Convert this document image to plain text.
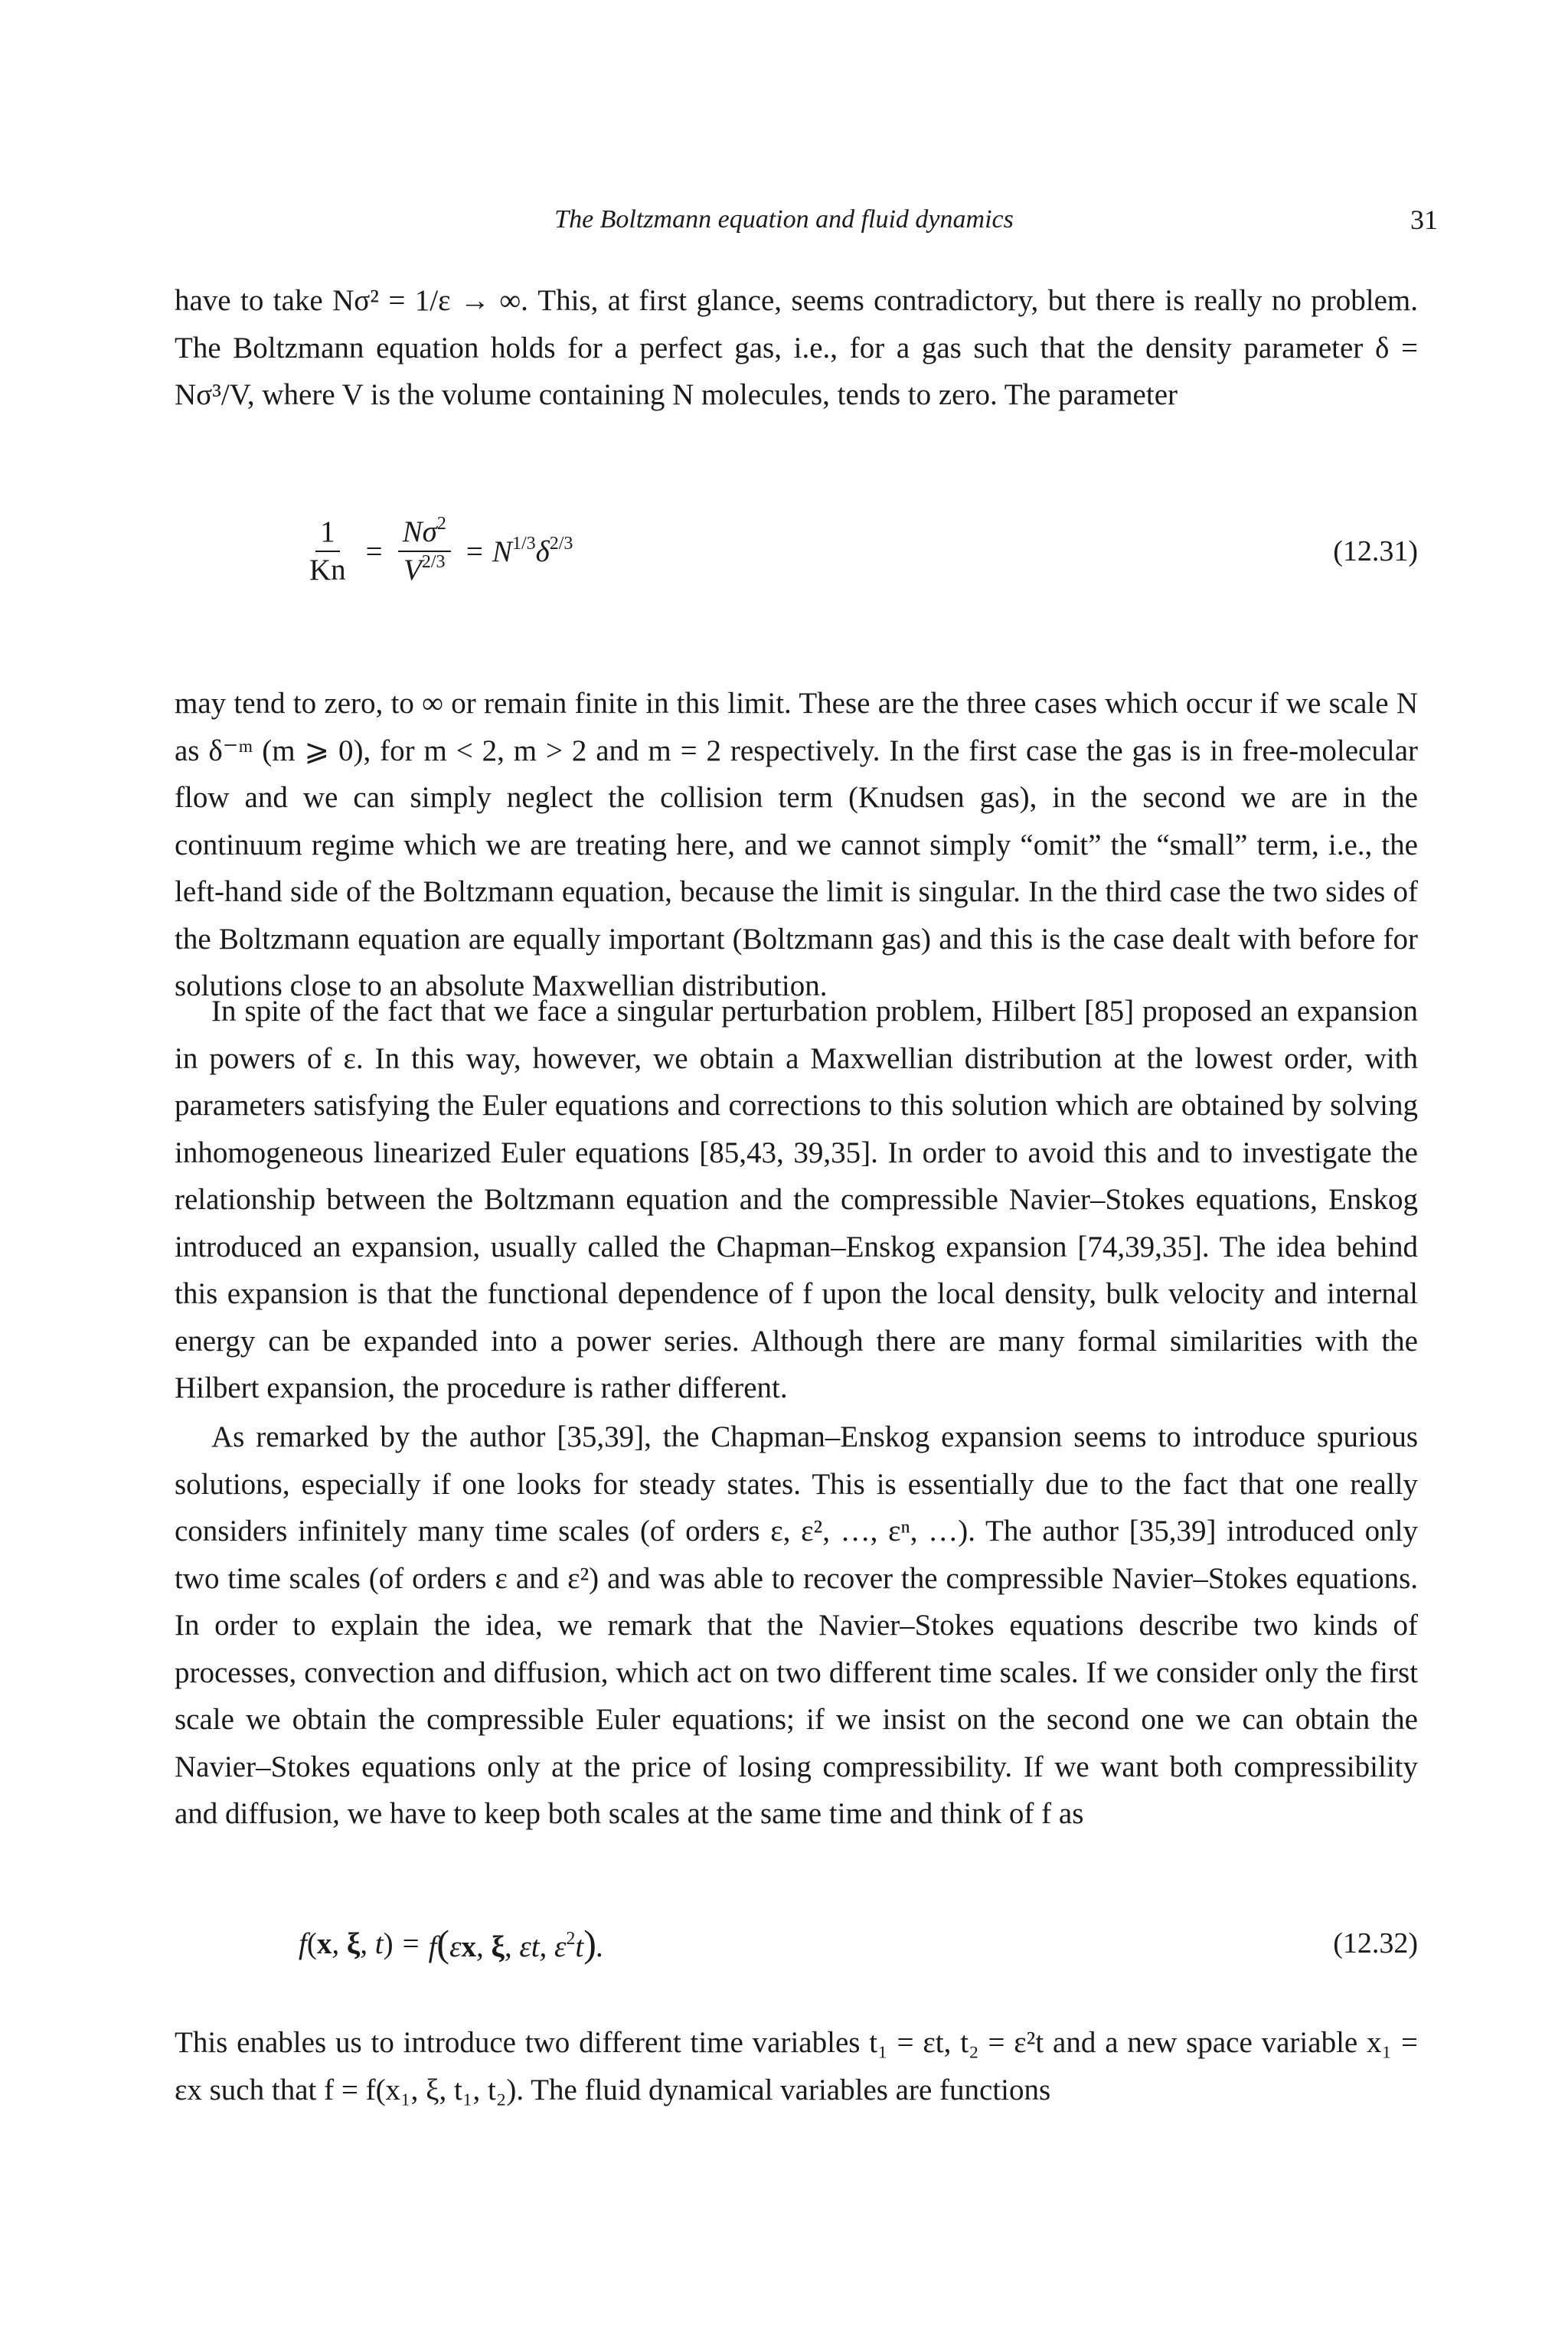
The Boltzmann equation and fluid dynamics	31

have to take Nσ² = 1/ε → ∞. This, at first glance, seems contradictory, but there is really no problem. The Boltzmann equation holds for a perfect gas, i.e., for a gas such that the density parameter δ = Nσ³/V, where V is the volume containing N molecules, tends to zero. The parameter

$\frac{1}{Kn} = \frac{N\sigma^2}{V^{2/3}} = N^{1/3}\delta^{2/3}$	(12.31)

may tend to zero, to ∞ or remain finite in this limit. These are the three cases which occur if we scale N as δ⁻ᵐ (m ⩾ 0), for m < 2, m > 2 and m = 2 respectively. In the first case the gas is in free-molecular flow and we can simply neglect the collision term (Knudsen gas), in the second we are in the continuum regime which we are treating here, and we cannot simply “omit” the “small” term, i.e., the left-hand side of the Boltzmann equation, because the limit is singular. In the third case the two sides of the Boltzmann equation are equally important (Boltzmann gas) and this is the case dealt with before for solutions close to an absolute Maxwellian distribution.

In spite of the fact that we face a singular perturbation problem, Hilbert [85] proposed an expansion in powers of ε. In this way, however, we obtain a Maxwellian distribution at the lowest order, with parameters satisfying the Euler equations and corrections to this solution which are obtained by solving inhomogeneous linearized Euler equations [85,43, 39,35]. In order to avoid this and to investigate the relationship between the Boltzmann equation and the compressible Navier–Stokes equations, Enskog introduced an expansion, usually called the Chapman–Enskog expansion [74,39,35]. The idea behind this expansion is that the functional dependence of f upon the local density, bulk velocity and internal energy can be expanded into a power series. Although there are many formal similarities with the Hilbert expansion, the procedure is rather different.

As remarked by the author [35,39], the Chapman–Enskog expansion seems to introduce spurious solutions, especially if one looks for steady states. This is essentially due to the fact that one really considers infinitely many time scales (of orders ε, ε², …, εⁿ, …). The author [35,39] introduced only two time scales (of orders ε and ε²) and was able to recover the compressible Navier–Stokes equations. In order to explain the idea, we remark that the Navier–Stokes equations describe two kinds of processes, convection and diffusion, which act on two different time scales. If we consider only the first scale we obtain the compressible Euler equations; if we insist on the second one we can obtain the Navier–Stokes equations only at the price of losing compressibility. If we want both compressibility and diffusion, we have to keep both scales at the same time and think of f as

f(x, ξ, t) = f(εx, ξ, εt, $\varepsilon^2t$).	(12.32)

This enables us to introduce two different time variables t₁ = εt, t₂ = ε²t and a new space variable x₁ = εx such that f = f(x₁, ξ, t₁, t₂). The fluid dynamical variables are functions
